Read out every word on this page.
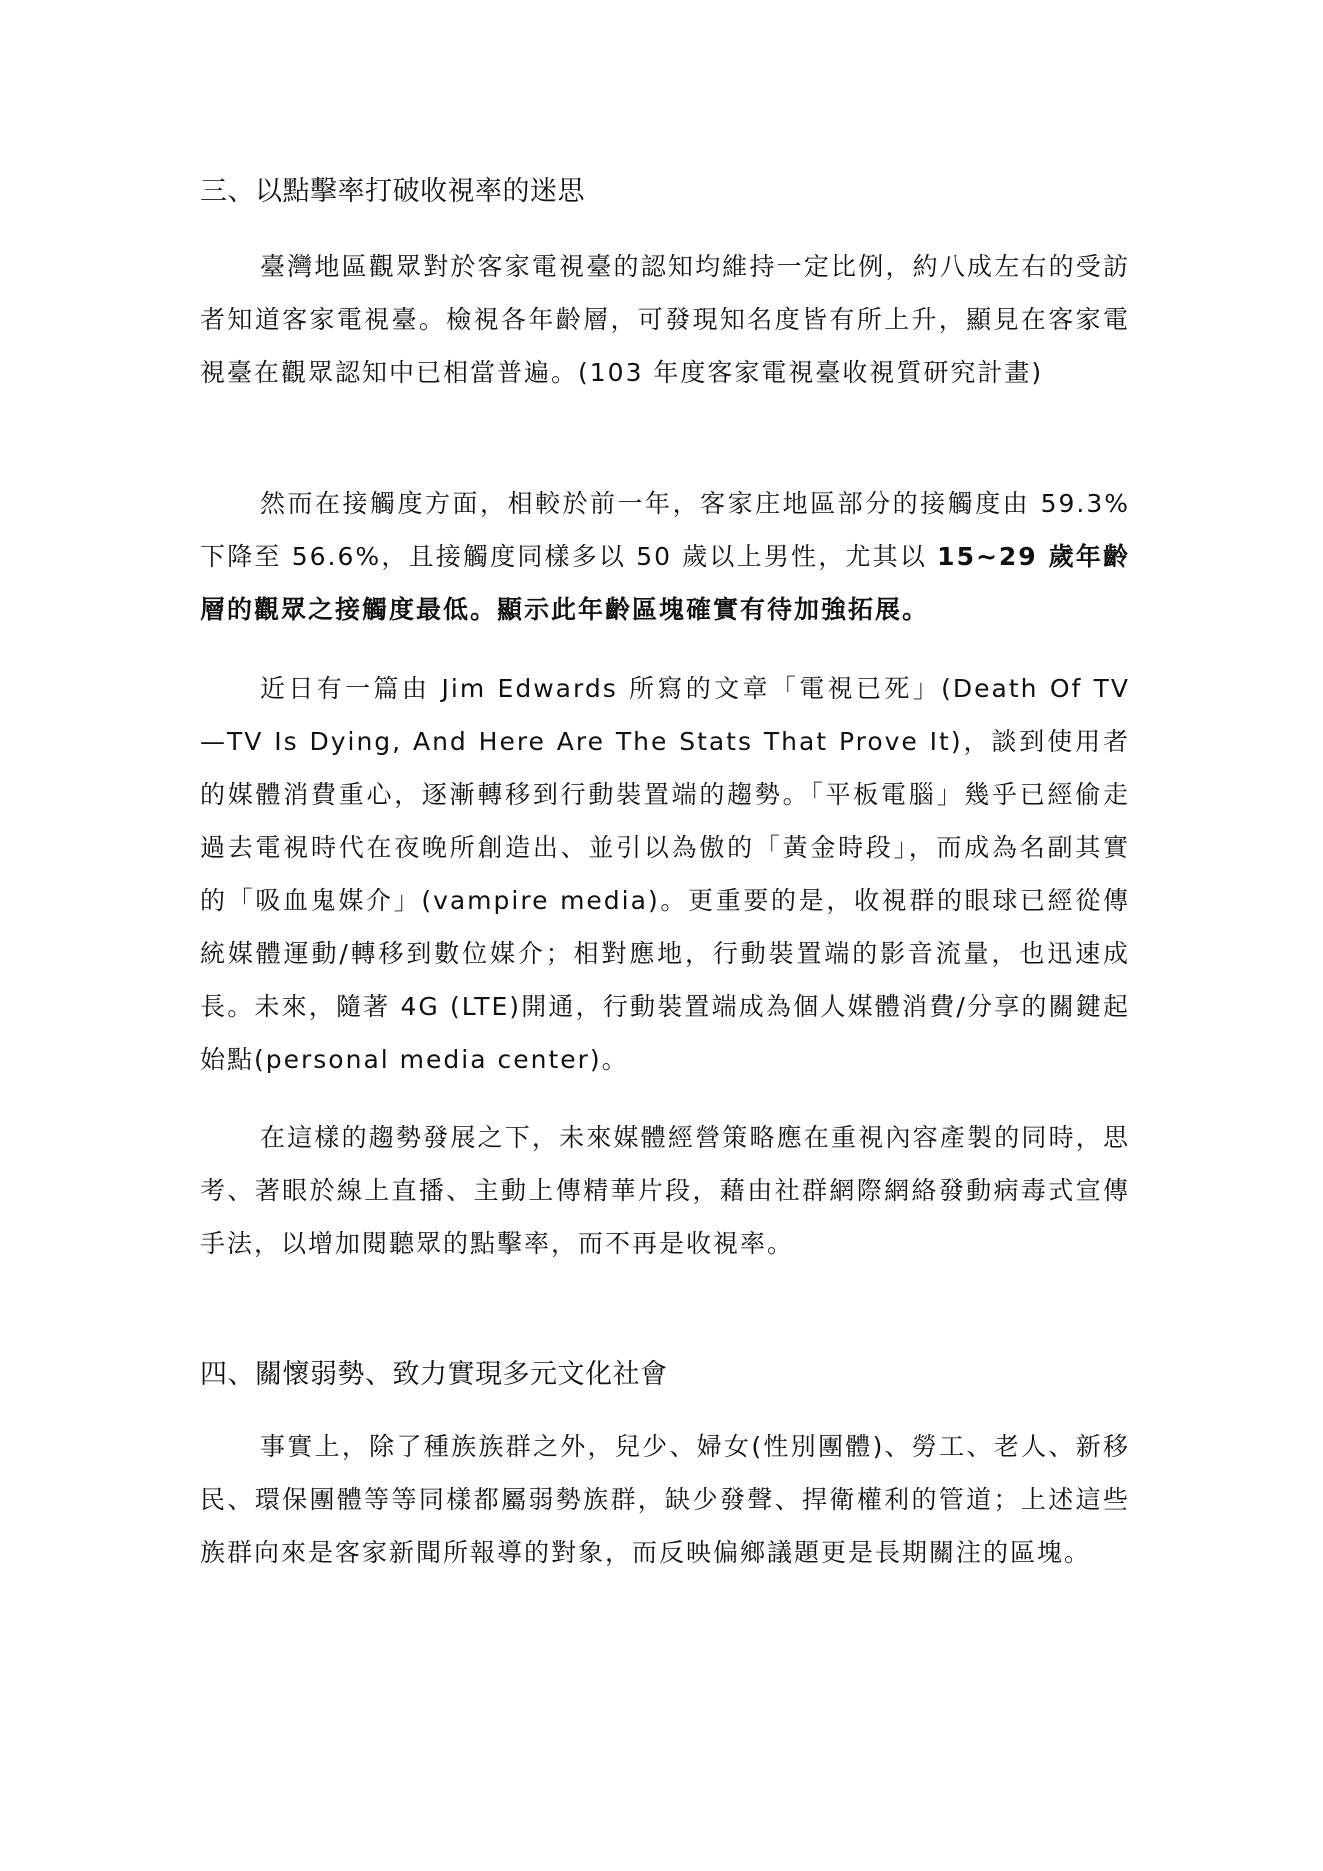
三、以點擊率打破收視率的迷思

臺灣地區觀眾對於客家電視臺的認知均維持一定比例，約八成左右的受訪者知道客家電視臺。檢視各年齡層，可發現知名度皆有所上升，顯見在客家電視臺在觀眾認知中已相當普遍。(103 年度客家電視臺收視質研究計畫)

然而在接觸度方面，相較於前一年，客家庄地區部分的接觸度由 59.3%下降至 56.6%，且接觸度同樣多以 50 歲以上男性，尤其以 15~29 歲年齡層的觀眾之接觸度最低。顯示此年齡區塊確實有待加強拓展。

近日有一篇由 Jim Edwards 所寫的文章「電視已死」(Death Of TV —TV Is Dying, And Here Are The Stats That Prove It)，談到使用者的媒體消費重心，逐漸轉移到行動裝置端的趨勢。「平板電腦」幾乎已經偷走過去電視時代在夜晚所創造出、並引以為傲的「黃金時段」，而成為名副其實的「吸血鬼媒介」(vampire media)。更重要的是，收視群的眼球已經從傳統媒體運動/轉移到數位媒介；相對應地，行動裝置端的影音流量，也迅速成長。未來，隨著 4G (LTE)開通，行動裝置端成為個人媒體消費/分享的關鍵起始點(personal media center)。

在這樣的趨勢發展之下，未來媒體經營策略應在重視內容產製的同時，思考、著眼於線上直播、主動上傳精華片段，藉由社群網際網絡發動病毒式宣傳手法，以增加閱聽眾的點擊率，而不再是收視率。

四、關懷弱勢、致力實現多元文化社會

事實上，除了種族族群之外，兒少、婦女(性別團體)、勞工、老人、新移民、環保團體等等同樣都屬弱勢族群，缺少發聲、捍衛權利的管道；上述這些族群向來是客家新聞所報導的對象，而反映偏鄉議題更是長期關注的區塊。
